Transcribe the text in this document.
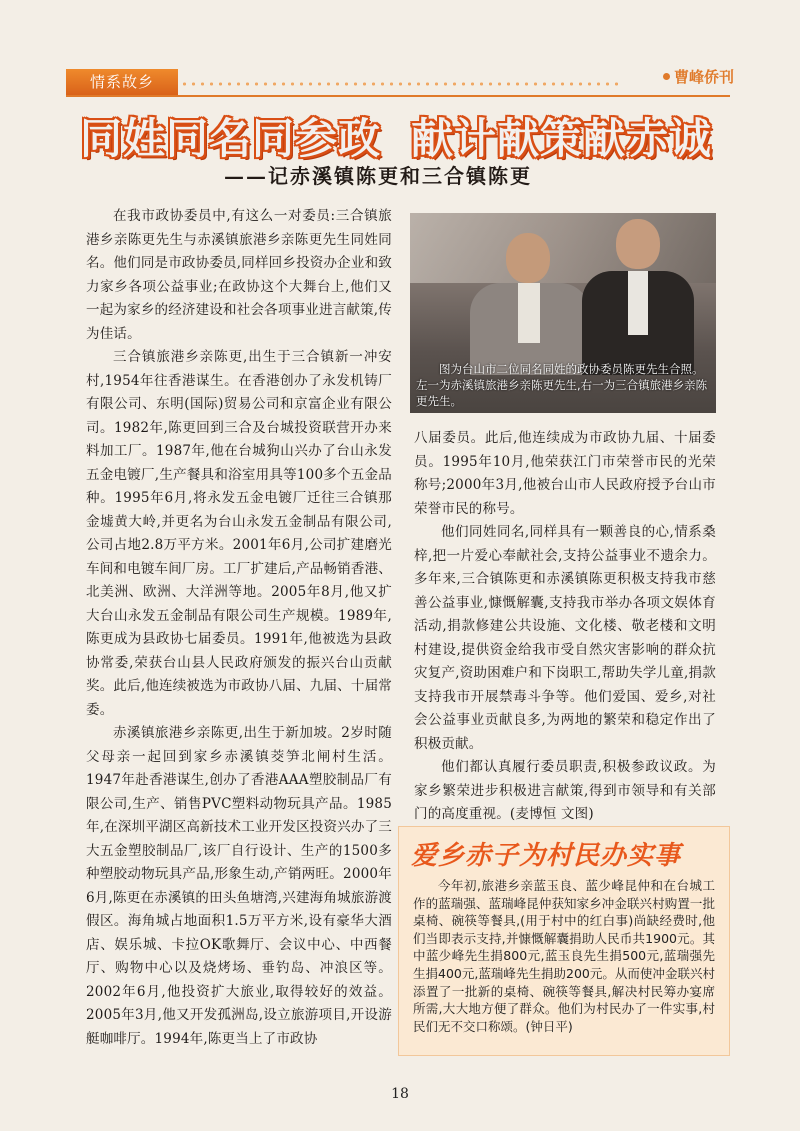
情系故乡	曹峰侨刊
同姓同名同参政 献计献策献赤诚
——记赤溪镇陈更和三合镇陈更

在我市政协委员中,有这么一对委员:三合镇旅港乡亲陈更先生与赤溪镇旅港乡亲陈更先生同姓同名。他们同是市政协委员,同样回乡投资办企业和致力家乡各项公益事业;在政协这个大舞台上,他们又一起为家乡的经济建设和社会各项事业进言献策,传为佳话。

三合镇旅港乡亲陈更,出生于三合镇新一冲安村,1954年往香港谋生。在香港创办了永发机铸厂有限公司、东明(国际)贸易公司和京富企业有限公司。1982年,陈更回到三合及台城投资联营开办来料加工厂。1987年,他在台城狗山兴办了台山永发五金电镀厂,生产餐具和浴室用具等100多个五金品种。1995年6月,将永发五金电镀厂迁往三合镇那金墟黄大岭,并更名为台山永发五金制品有限公司,公司占地2.8万平方米。2001年6月,公司扩建磨光车间和电镀车间厂房。工厂扩建后,产品畅销香港、北美洲、欧洲、大洋洲等地。2005年8月,他又扩大台山永发五金制品有限公司生产规模。1989年,陈更成为县政协七届委员。1991年,他被选为县政协常委,荣获台山县人民政府颁发的振兴台山贡献奖。此后,他连续被选为市政协八届、九届、十届常委。

赤溪镇旅港乡亲陈更,出生于新加坡。2岁时随父母亲一起回到家乡赤溪镇茭笋北闸村生活。1947年赴香港谋生,创办了香港AAA塑胶制品厂有限公司,生产、销售PVC塑料动物玩具产品。1985年,在深圳平湖区高新技术工业开发区投资兴办了三大五金塑胶制品厂,该厂自行设计、生产的1500多种塑胶动物玩具产品,形象生动,产销两旺。2000年6月,陈更在赤溪镇的田头鱼塘湾,兴建海角城旅游渡假区。海角城占地面积1.5万平方米,设有豪华大酒店、娱乐城、卡拉OK歌舞厅、会议中心、中西餐厅、购物中心以及烧烤场、垂钓岛、冲浪区等。2002年6月,他投资扩大旅业,取得较好的效益。2005年3月,他又开发孤洲岛,设立旅游项目,开设游艇咖啡厅。1994年,陈更当上了市政协

图为台山市二位同名同姓的政协委员陈更先生合照。左一为赤溪镇旅港乡亲陈更先生,右一为三合镇旅港乡亲陈更先生。

八届委员。此后,他连续成为市政协九届、十届委员。1995年10月,他荣获江门市荣誉市民的光荣称号;2000年3月,他被台山市人民政府授予台山市荣誉市民的称号。

他们同姓同名,同样具有一颗善良的心,情系桑梓,把一片爱心奉献社会,支持公益事业不遗余力。多年来,三合镇陈更和赤溪镇陈更积极支持我市慈善公益事业,慷慨解囊,支持我市举办各项文娱体育活动,捐款修建公共设施、文化楼、敬老楼和文明村建设,提供资金给我市受自然灾害影响的群众抗灾复产,资助困难户和下岗职工,帮助失学儿童,捐款支持我市开展禁毒斗争等。他们爱国、爱乡,对社会公益事业贡献良多,为两地的繁荣和稳定作出了积极贡献。

他们都认真履行委员职责,积极参政议政。为家乡繁荣进步积极进言献策,得到市领导和有关部门的高度重视。(麦博恒 文图)

爱乡赤子为村民办实事

今年初,旅港乡亲蓝玉良、蓝少峰昆仲和在台城工作的蓝瑞强、蓝瑞峰昆仲获知家乡冲金联兴村购置一批桌椅、碗筷等餐具,(用于村中的红白事)尚缺经费时,他们当即表示支持,并慷慨解囊捐助人民币共1900元。其中蓝少峰先生捐800元,蓝玉良先生捐500元,蓝瑞强先生捐400元,蓝瑞峰先生捐助200元。从而使冲金联兴村添置了一批新的桌椅、碗筷等餐具,解决村民筹办宴席所需,大大地方便了群众。他们为村民办了一件实事,村民们无不交口称颂。(钟日平)

18
